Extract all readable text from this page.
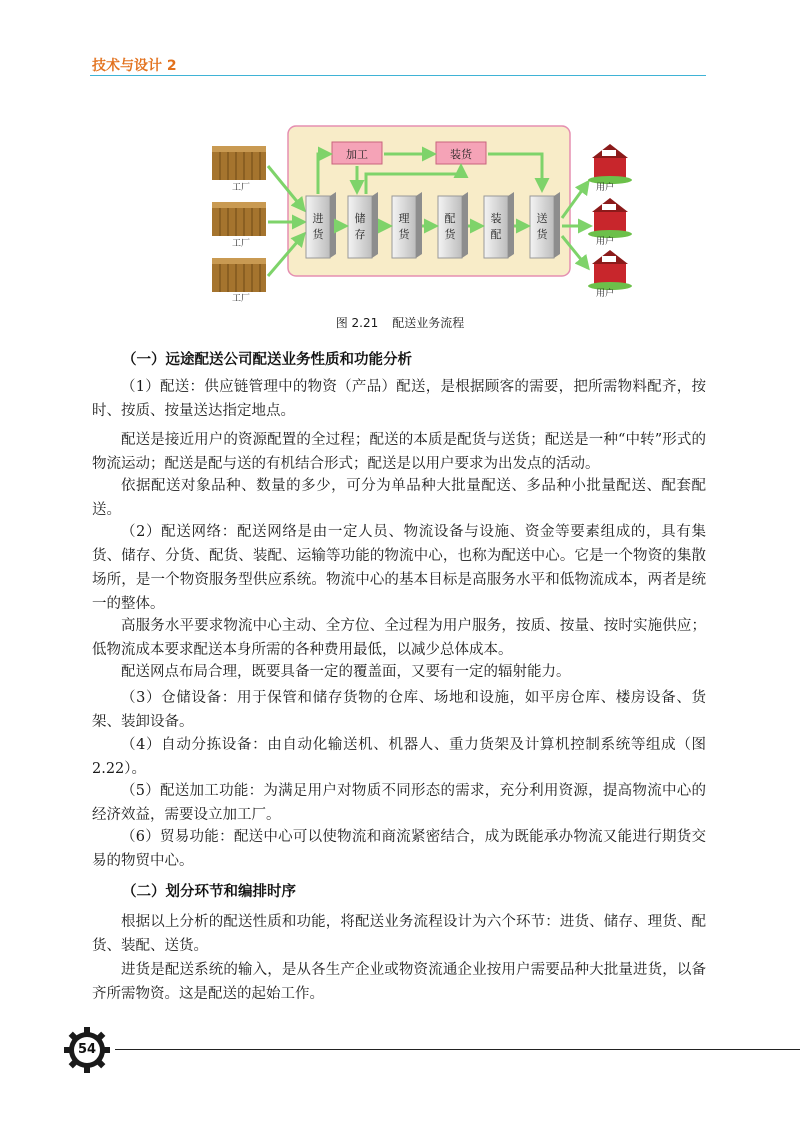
技术与设计 2
工厂
工厂
工厂
加工	装货
进
货
储
存
理
货
配
货
装
配
送
货
用户
用户
用户
图 2.21 配送业务流程
（一）远途配送公司配送业务性质和功能分析

（1）配送：供应链管理中的物资（产品）配送，是根据顾客的需要，把所需物料配齐，按时、按质、按量送达指定地点。

配送是接近用户的资源配置的全过程；配送的本质是配货与送货；配送是一种“中转”形式的物流运动；配送是配与送的有机结合形式；配送是以用户要求为出发点的活动。

依据配送对象品种、数量的多少，可分为单品种大批量配送、多品种小批量配送、配套配送。

（2）配送网络：配送网络是由一定人员、物流设备与设施、资金等要素组成的，具有集货、储存、分货、配货、装配、运输等功能的物流中心，也称为配送中心。它是一个物资的集散场所，是一个物资服务型供应系统。物流中心的基本目标是高服务水平和低物流成本，两者是统一的整体。

高服务水平要求物流中心主动、全方位、全过程为用户服务，按质、按量、按时实施供应；低物流成本要求配送本身所需的各种费用最低，以减少总体成本。

配送网点布局合理，既要具备一定的覆盖面，又要有一定的辐射能力。

（3）仓储设备：用于保管和储存货物的仓库、场地和设施，如平房仓库、楼房设备、货架、装卸设备。

（4）自动分拣设备：由自动化输送机、机器人、重力货架及计算机控制系统等组成（图 2.22）。

（5）配送加工功能：为满足用户对物质不同形态的需求，充分利用资源，提高物流中心的经济效益，需要设立加工厂。

（6）贸易功能：配送中心可以使物流和商流紧密结合，成为既能承办物流又能进行期货交易的物贸中心。

（二）划分环节和编排时序

根据以上分析的配送性质和功能，将配送业务流程设计为六个环节：进货、储存、理货、配货、装配、送货。

进货是配送系统的输入，是从各生产企业或物资流通企业按用户需要品种大批量进货，以备齐所需物资。这是配送的起始工作。

54
